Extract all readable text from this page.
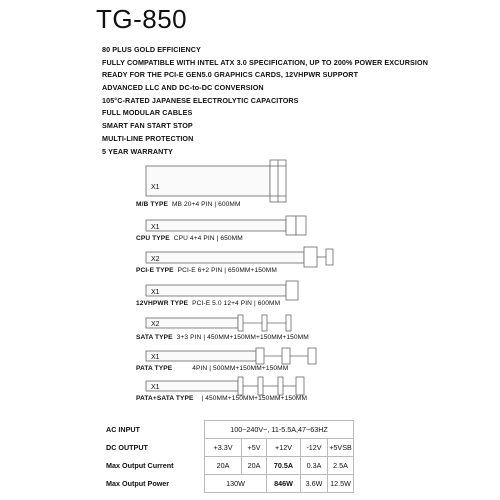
TG-850
80 PLUS GOLD EFFICIENCY
FULLY COMPATIBLE WITH INTEL ATX 3.0 SPECIFICATION, UP TO 200% POWER EXCURSION
READY FOR THE PCI-E GEN5.0 GRAPHICS CARDS, 12VHPWR SUPPORT
ADVANCED LLC AND DC-to-DC CONVERSION
105°C-RATED JAPANESE ELECTROLYTIC CAPACITORS
FULL MODULAR CABLES
SMART FAN START STOP
MULTI-LINE PROTECTION
5 YEAR WARRANTY
X1
X1
X2
X1
X2
X1
X1
M/B TYPE MB 20+4 PIN | 600MM
CPU TYPE CPU 4+4 PIN | 650MM
PCI-E TYPE PCI-E 6+2 PIN | 650MM+150MM
12VHPWR TYPE PCI-E 5.0 12+4 PIN | 600MM
SATA TYPE 3+3 PIN | 450MM+150MM+150MM+150MM
PATA TYPE	4PIN | 500MM+150MM+150MM
PATA+SATA TYPE | 450MM+150MM+150MM+150MM
AC INPUT	100~240V~, 11-5.5A,47~63HZ				
DC OUTPUT	+3.3V	+5V	+12V	-12V	+5VSB
Max Output Current	20A	20A	70.5A	0.3A	2.5A
Max Output Power	130W		846W	3.6W	12.5W
